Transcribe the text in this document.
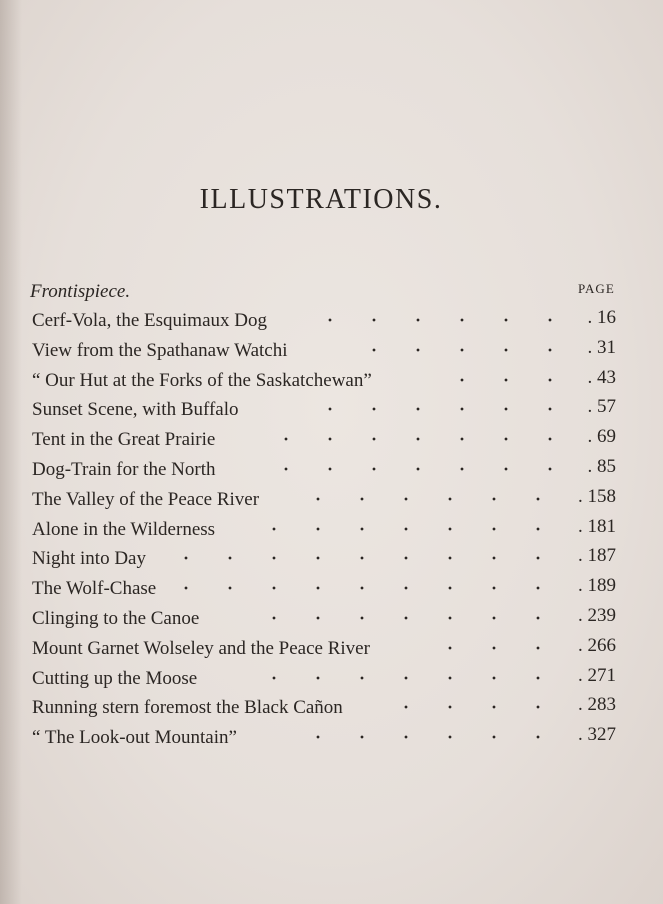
ILLUSTRATIONS.
Frontispiece.	PAGE
Cerf-Vola, the Esquimaux Dog	. 16
View from the Spathanaw Watchi	. 31
“ Our Hut at the Forks of the Saskatchewan”	. 43
Sunset Scene, with Buffalo	. 57
Tent in the Great Prairie	. 69
Dog-Train for the North	. 85
The Valley of the Peace River	. 158
Alone in the Wilderness	. 181
Night into Day	. 187
The Wolf-Chase	. 189
Clinging to the Canoe	. 239
Mount Garnet Wolseley and the Peace River	. 266
Cutting up the Moose	. 271
Running stern foremost the Black Cañon	. 283
“ The Look-out Mountain”	. 327
